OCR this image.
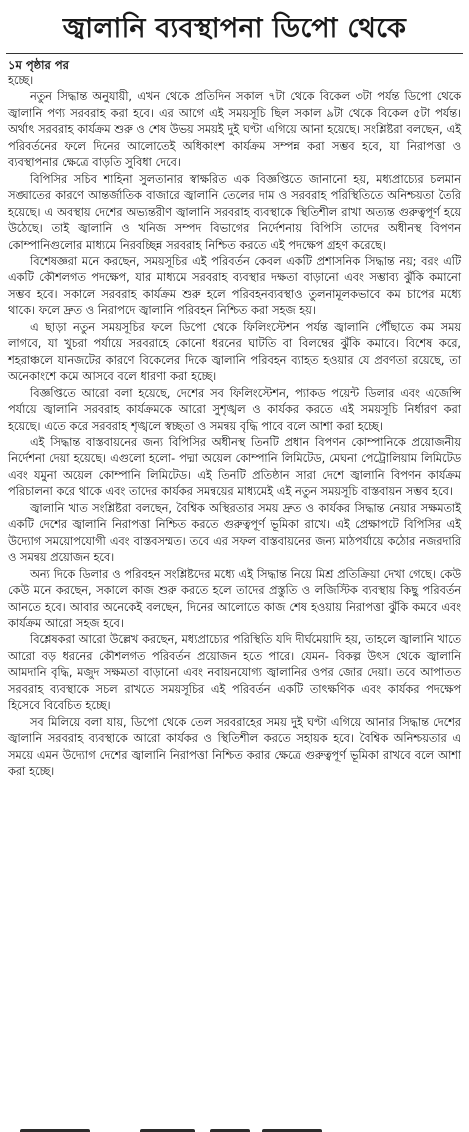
জ্বালানি ব্যবস্থাপনা ডিপো থেকে
১ম পৃষ্ঠার পর

হচ্ছে।

নতুন সিদ্ধান্ত অনুযায়ী, এখন থেকে প্রতিদিন সকাল ৭টা থেকে বিকেল ৩টা পর্যন্ত ডিপো থেকে জ্বালানি পণ্য সরবরাহ করা হবে। এর আগে এই সময়সূচি ছিল সকাল ৯টা থেকে বিকেল ৫টা পর্যন্ত। অর্থাৎ সরবরাহ কার্যক্রম শুরু ও শেষ উভয় সময়ই দুই ঘণ্টা এগিয়ে আনা হয়েছে। সংশ্লিষ্টরা বলছেন, এই পরিবর্তনের ফলে দিনের আলোতেই অধিকাংশ কার্যক্রম সম্পন্ন করা সম্ভব হবে, যা নিরাপত্তা ও ব্যবস্থাপনার ক্ষেত্রে বাড়তি সুবিধা দেবে।

বিপিসির সচিব শাহিনা সুলতানার স্বাক্ষরিত এক বিজ্ঞপ্তিতে জানানো হয়, মধ্যপ্রাচ্যের চলমান সঙ্ঘাতের কারণে আন্তর্জাতিক বাজারে জ্বালানি তেলের দাম ও সরবরাহ পরিস্থিতিতে অনিশ্চয়তা তৈরি হয়েছে। এ অবস্থায় দেশের অভ্যন্তরীণ জ্বালানি সরবরাহ ব্যবস্থাকে স্থিতিশীল রাখা অত্যন্ত গুরুত্বপূর্ণ হয়ে উঠেছে। তাই জ্বালানি ও খনিজ সম্পদ বিভাগের নির্দেশনায় বিপিসি তাদের অধীনস্থ বিপণন কোম্পানিগুলোর মাধ্যমে নিরবচ্ছিন্ন সরবরাহ নিশ্চিত করতে এই পদক্ষেপ গ্রহণ করেছে।

বিশেষজ্ঞরা মনে করছেন, সময়সূচির এই পরিবর্তন কেবল একটি প্রশাসনিক সিদ্ধান্ত নয়; বরং এটি একটি কৌশলগত পদক্ষেপ, যার মাধ্যমে সরবরাহ ব্যবস্থার দক্ষতা বাড়ানো এবং সম্ভাব্য ঝুঁকি কমানো সম্ভব হবে। সকালে সরবরাহ কার্যক্রম শুরু হলে পরিবহনব্যবস্থাও তুলনামূলকভাবে কম চাপের মধ্যে থাকে। ফলে দ্রুত ও নিরাপদে জ্বালানি পরিবহন নিশ্চিত করা সহজ হয়।

এ ছাড়া নতুন সময়সূচির ফলে ডিপো থেকে ফিলিংস্টেশন পর্যন্ত জ্বালানি পৌঁছাতে কম সময় লাগবে, যা খুচরা পর্যায়ে সরবরাহে কোনো ধরনের ঘাটতি বা বিলম্বের ঝুঁকি কমাবে। বিশেষ করে, শহরাঞ্চলে যানজটের কারণে বিকেলের দিকে জ্বালানি পরিবহন ব্যাহত হওয়ার যে প্রবণতা রয়েছে, তা অনেকাংশে কমে আসবে বলে ধারণা করা হচ্ছে।

বিজ্ঞপ্তিতে আরো বলা হয়েছে, দেশের সব ফিলিংস্টেশন, প্যাকড পয়েন্ট ডিলার এবং এজেন্সি পর্যায়ে জ্বালানি সরবরাহ কার্যক্রমকে আরো সুশৃঙ্খল ও কার্যকর করতে এই সময়সূচি নির্ধারণ করা হয়েছে। এতে করে সরবরাহ শৃঙ্খলে স্বচ্ছতা ও সমন্বয় বৃদ্ধি পাবে বলে আশা করা হচ্ছে।

এই সিদ্ধান্ত বাস্তবায়নের জন্য বিপিসির অধীনস্থ তিনটি প্রধান বিপণন কোম্পানিকে প্রয়োজনীয় নির্দেশনা দেয়া হয়েছে। এগুলো হলো- পদ্মা অয়েল কোম্পানি লিমিটেড, মেঘনা পেট্রোলিয়াম লিমিটেড এবং যমুনা অয়েল কোম্পানি লিমিটেড। এই তিনটি প্রতিষ্ঠান সারা দেশে জ্বালানি বিপণন কার্যক্রম পরিচালনা করে থাকে এবং তাদের কার্যকর সমন্বয়ের মাধ্যমেই এই নতুন সময়সূচি বাস্তবায়ন সম্ভব হবে।

জ্বালানি খাত সংশ্লিষ্টরা বলছেন, বৈশ্বিক অস্থিরতার সময় দ্রুত ও কার্যকর সিদ্ধান্ত নেয়ার সক্ষমতাই একটি দেশের জ্বালানি নিরাপত্তা নিশ্চিত করতে গুরুত্বপূর্ণ ভূমিকা রাখে। এই প্রেক্ষাপটে বিপিসির এই উদ্যোগ সময়োপযোগী এবং বাস্তবসম্মত। তবে এর সফল বাস্তবায়নের জন্য মাঠপর্যায়ে কঠোর নজরদারি ও সমন্বয় প্রয়োজন হবে।

অন্য দিকে ডিলার ও পরিবহন সংশ্লিষ্টদের মধ্যে এই সিদ্ধান্ত নিয়ে মিশ্র প্রতিক্রিয়া দেখা গেছে। কেউ কেউ মনে করছেন, সকালে কাজ শুরু করতে হলে তাদের প্রস্তুতি ও লজিস্টিক ব্যবস্থায় কিছু পরিবর্তন আনতে হবে। আবার অনেকেই বলছেন, দিনের আলোতে কাজ শেষ হওয়ায় নিরাপত্তা ঝুঁকি কমবে এবং কার্যক্রম আরো সহজ হবে।

বিশ্লেষকরা আরো উল্লেখ করছেন, মধ্যপ্রাচ্যের পরিস্থিতি যদি দীর্ঘমেয়াদি হয়, তাহলে জ্বালানি খাতে আরো বড় ধরনের কৌশলগত পরিবর্তন প্রয়োজন হতে পারে। যেমন- বিকল্প উৎস থেকে জ্বালানি আমদানি বৃদ্ধি, মজুদ সক্ষমতা বাড়ানো এবং নবায়নযোগ্য জ্বালানির ওপর জোর দেয়া। তবে আপাতত সরবরাহ ব্যবস্থাকে সচল রাখতে সময়সূচির এই পরিবর্তন একটি তাৎক্ষণিক এবং কার্যকর পদক্ষেপ হিসেবে বিবেচিত হচ্ছে।

সব মিলিয়ে বলা যায়, ডিপো থেকে তেল সরবরাহের সময় দুই ঘণ্টা এগিয়ে আনার সিদ্ধান্ত দেশের জ্বালানি সরবরাহ ব্যবস্থাকে আরো কার্যকর ও স্থিতিশীল করতে সহায়ক হবে। বৈশ্বিক অনিশ্চয়তার এ সময়ে এমন উদ্যোগ দেশের জ্বালানি নিরাপত্তা নিশ্চিত করার ক্ষেত্রে গুরুত্বপূর্ণ ভূমিকা রাখবে বলে আশা করা হচ্ছে।
